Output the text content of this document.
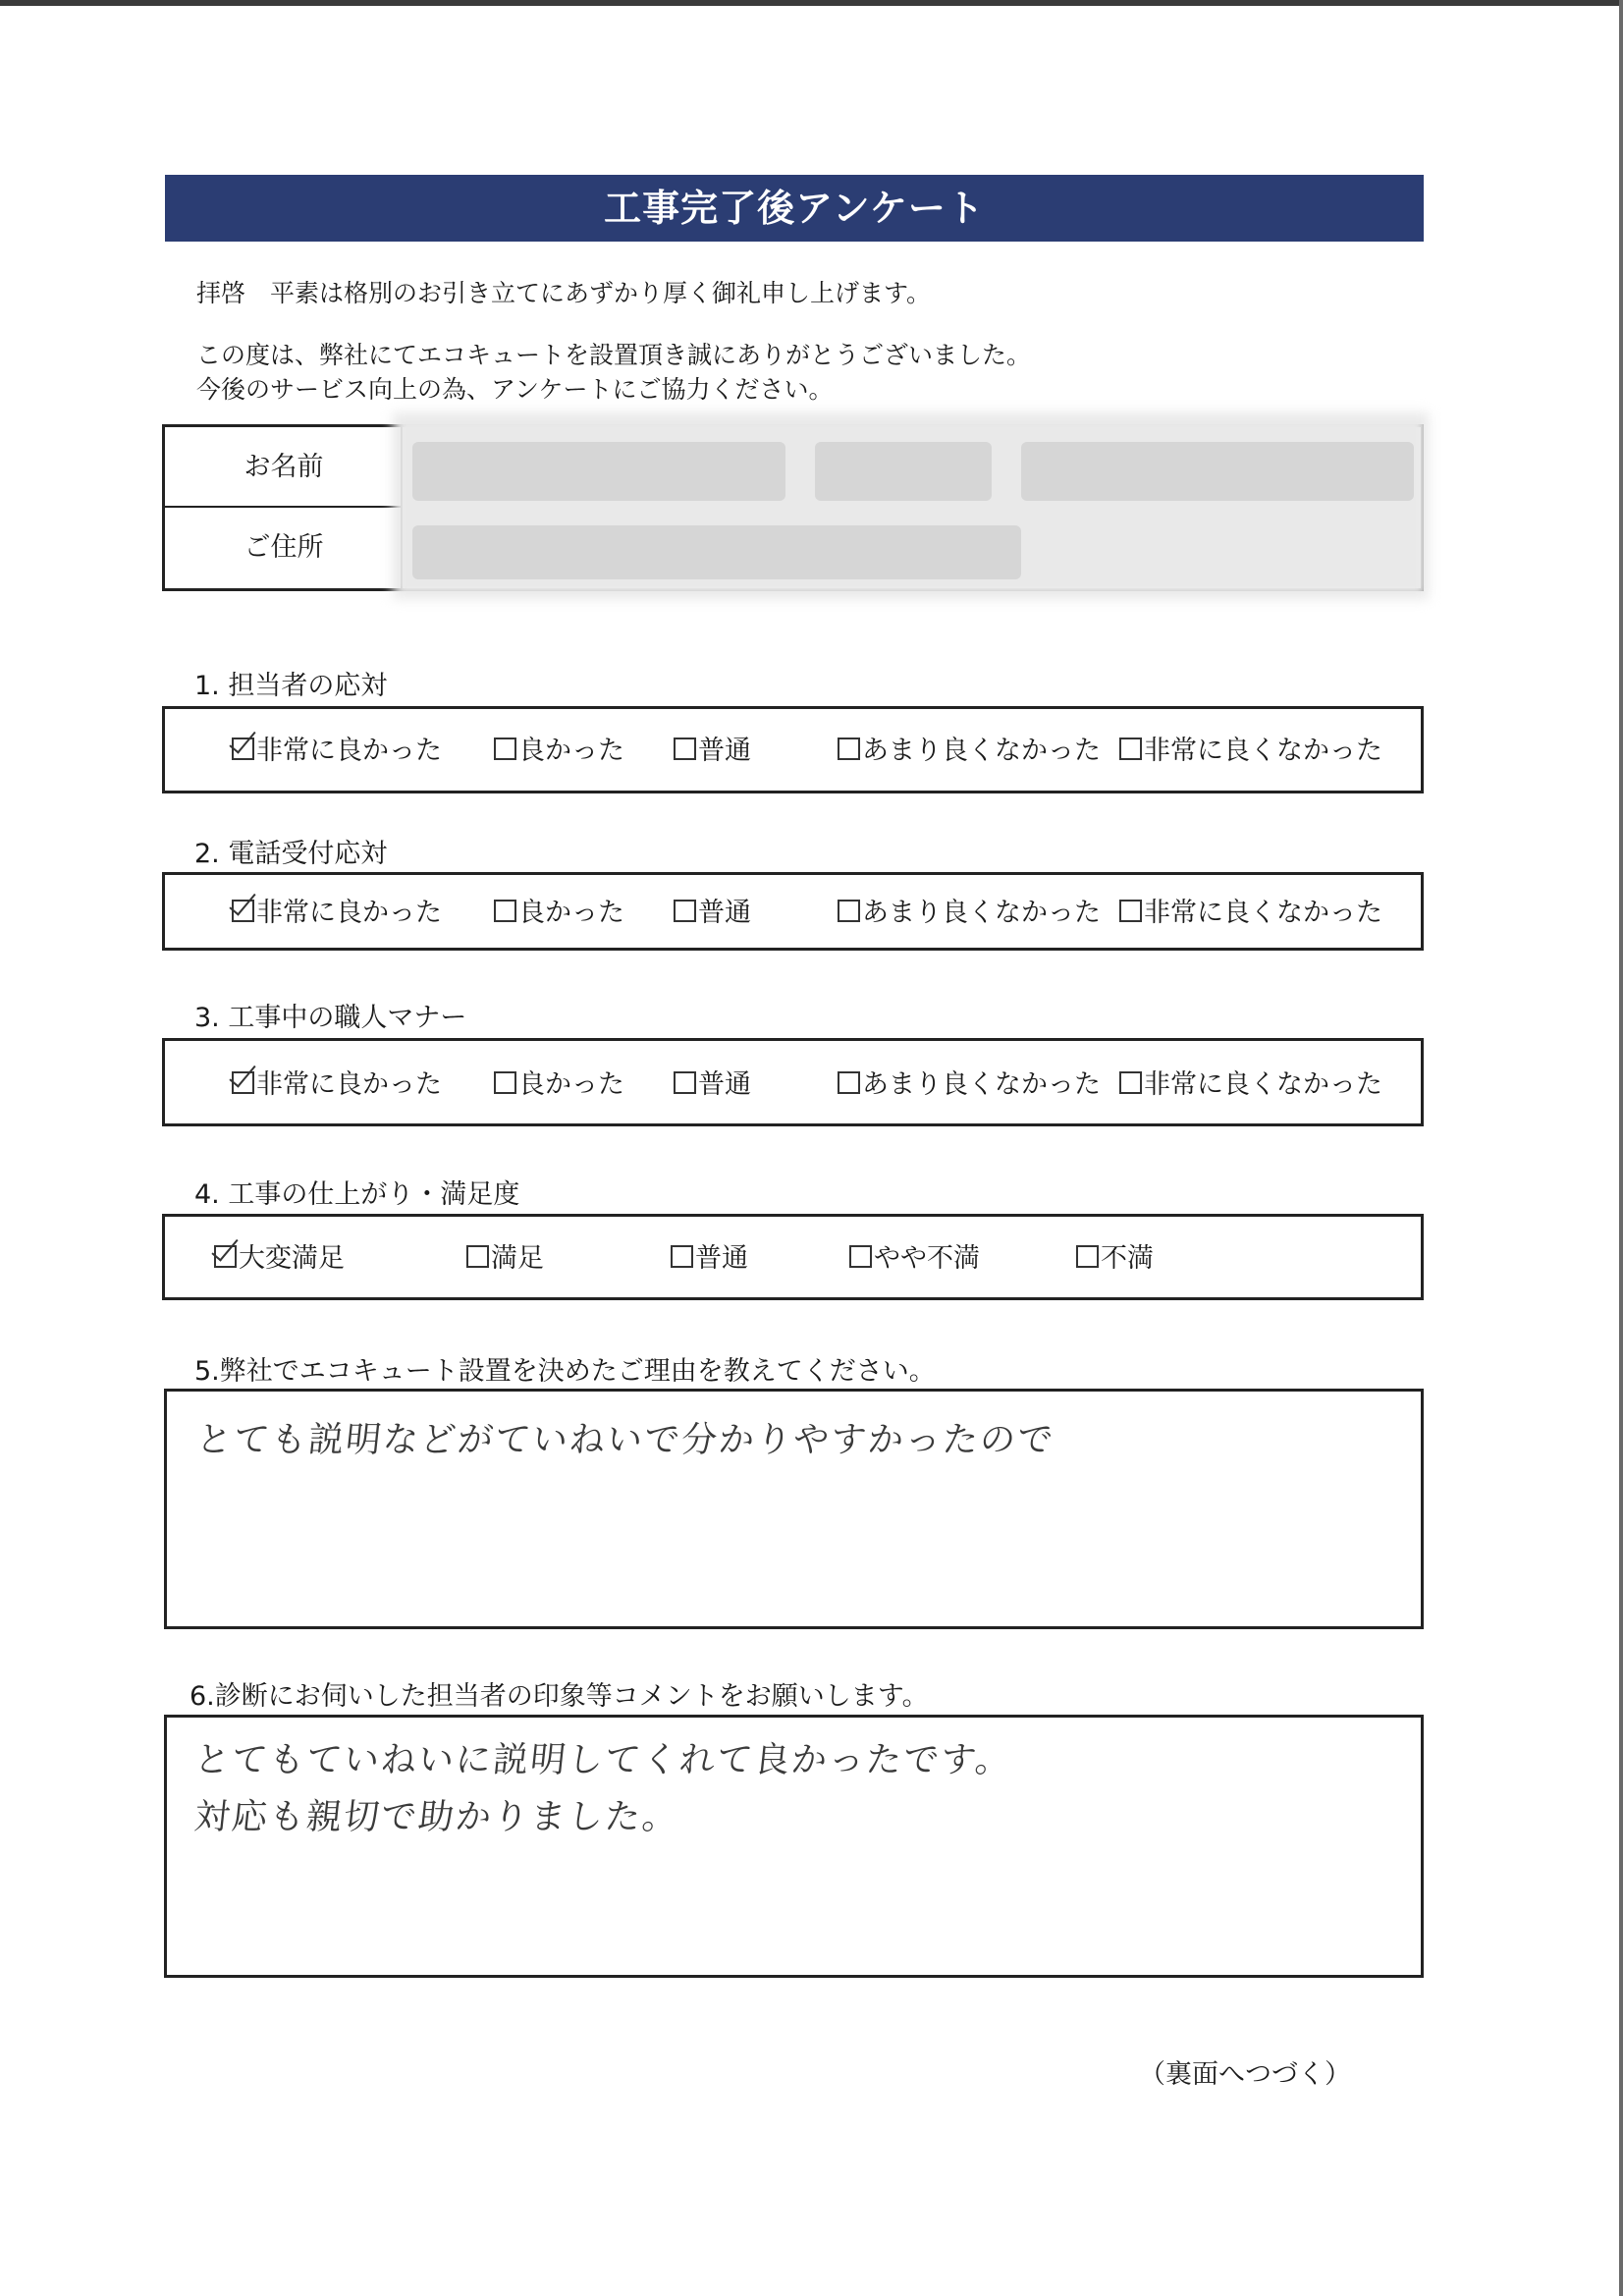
工事完了後アンケート
拝啓　平素は格別のお引き立てにあずかり厚く御礼申し上げます。
この度は、弊社にてエコキュートを設置頂き誠にありがとうございました。
今後のサービス向上の為、アンケートにご協力ください。
お名前
ご住所
1. 担当者の応対
非常に良かった	良かった	普通	あまり良くなかった	非常に良くなかった
2. 電話受付応対
非常に良かった	良かった	普通	あまり良くなかった	非常に良くなかった
3. 工事中の職人マナー
非常に良かった	良かった	普通	あまり良くなかった	非常に良くなかった
4. 工事の仕上がり・満足度
大変満足	満足	普通	やや不満	不満
5.弊社でエコキュート設置を決めたご理由を教えてください。
とても説明などがていねいで分かりやすかったので
6.診断にお伺いした担当者の印象等コメントをお願いします。
とてもていねいに説明してくれて良かったです。
対応も親切で助かりました。
（裏面へつづく）
